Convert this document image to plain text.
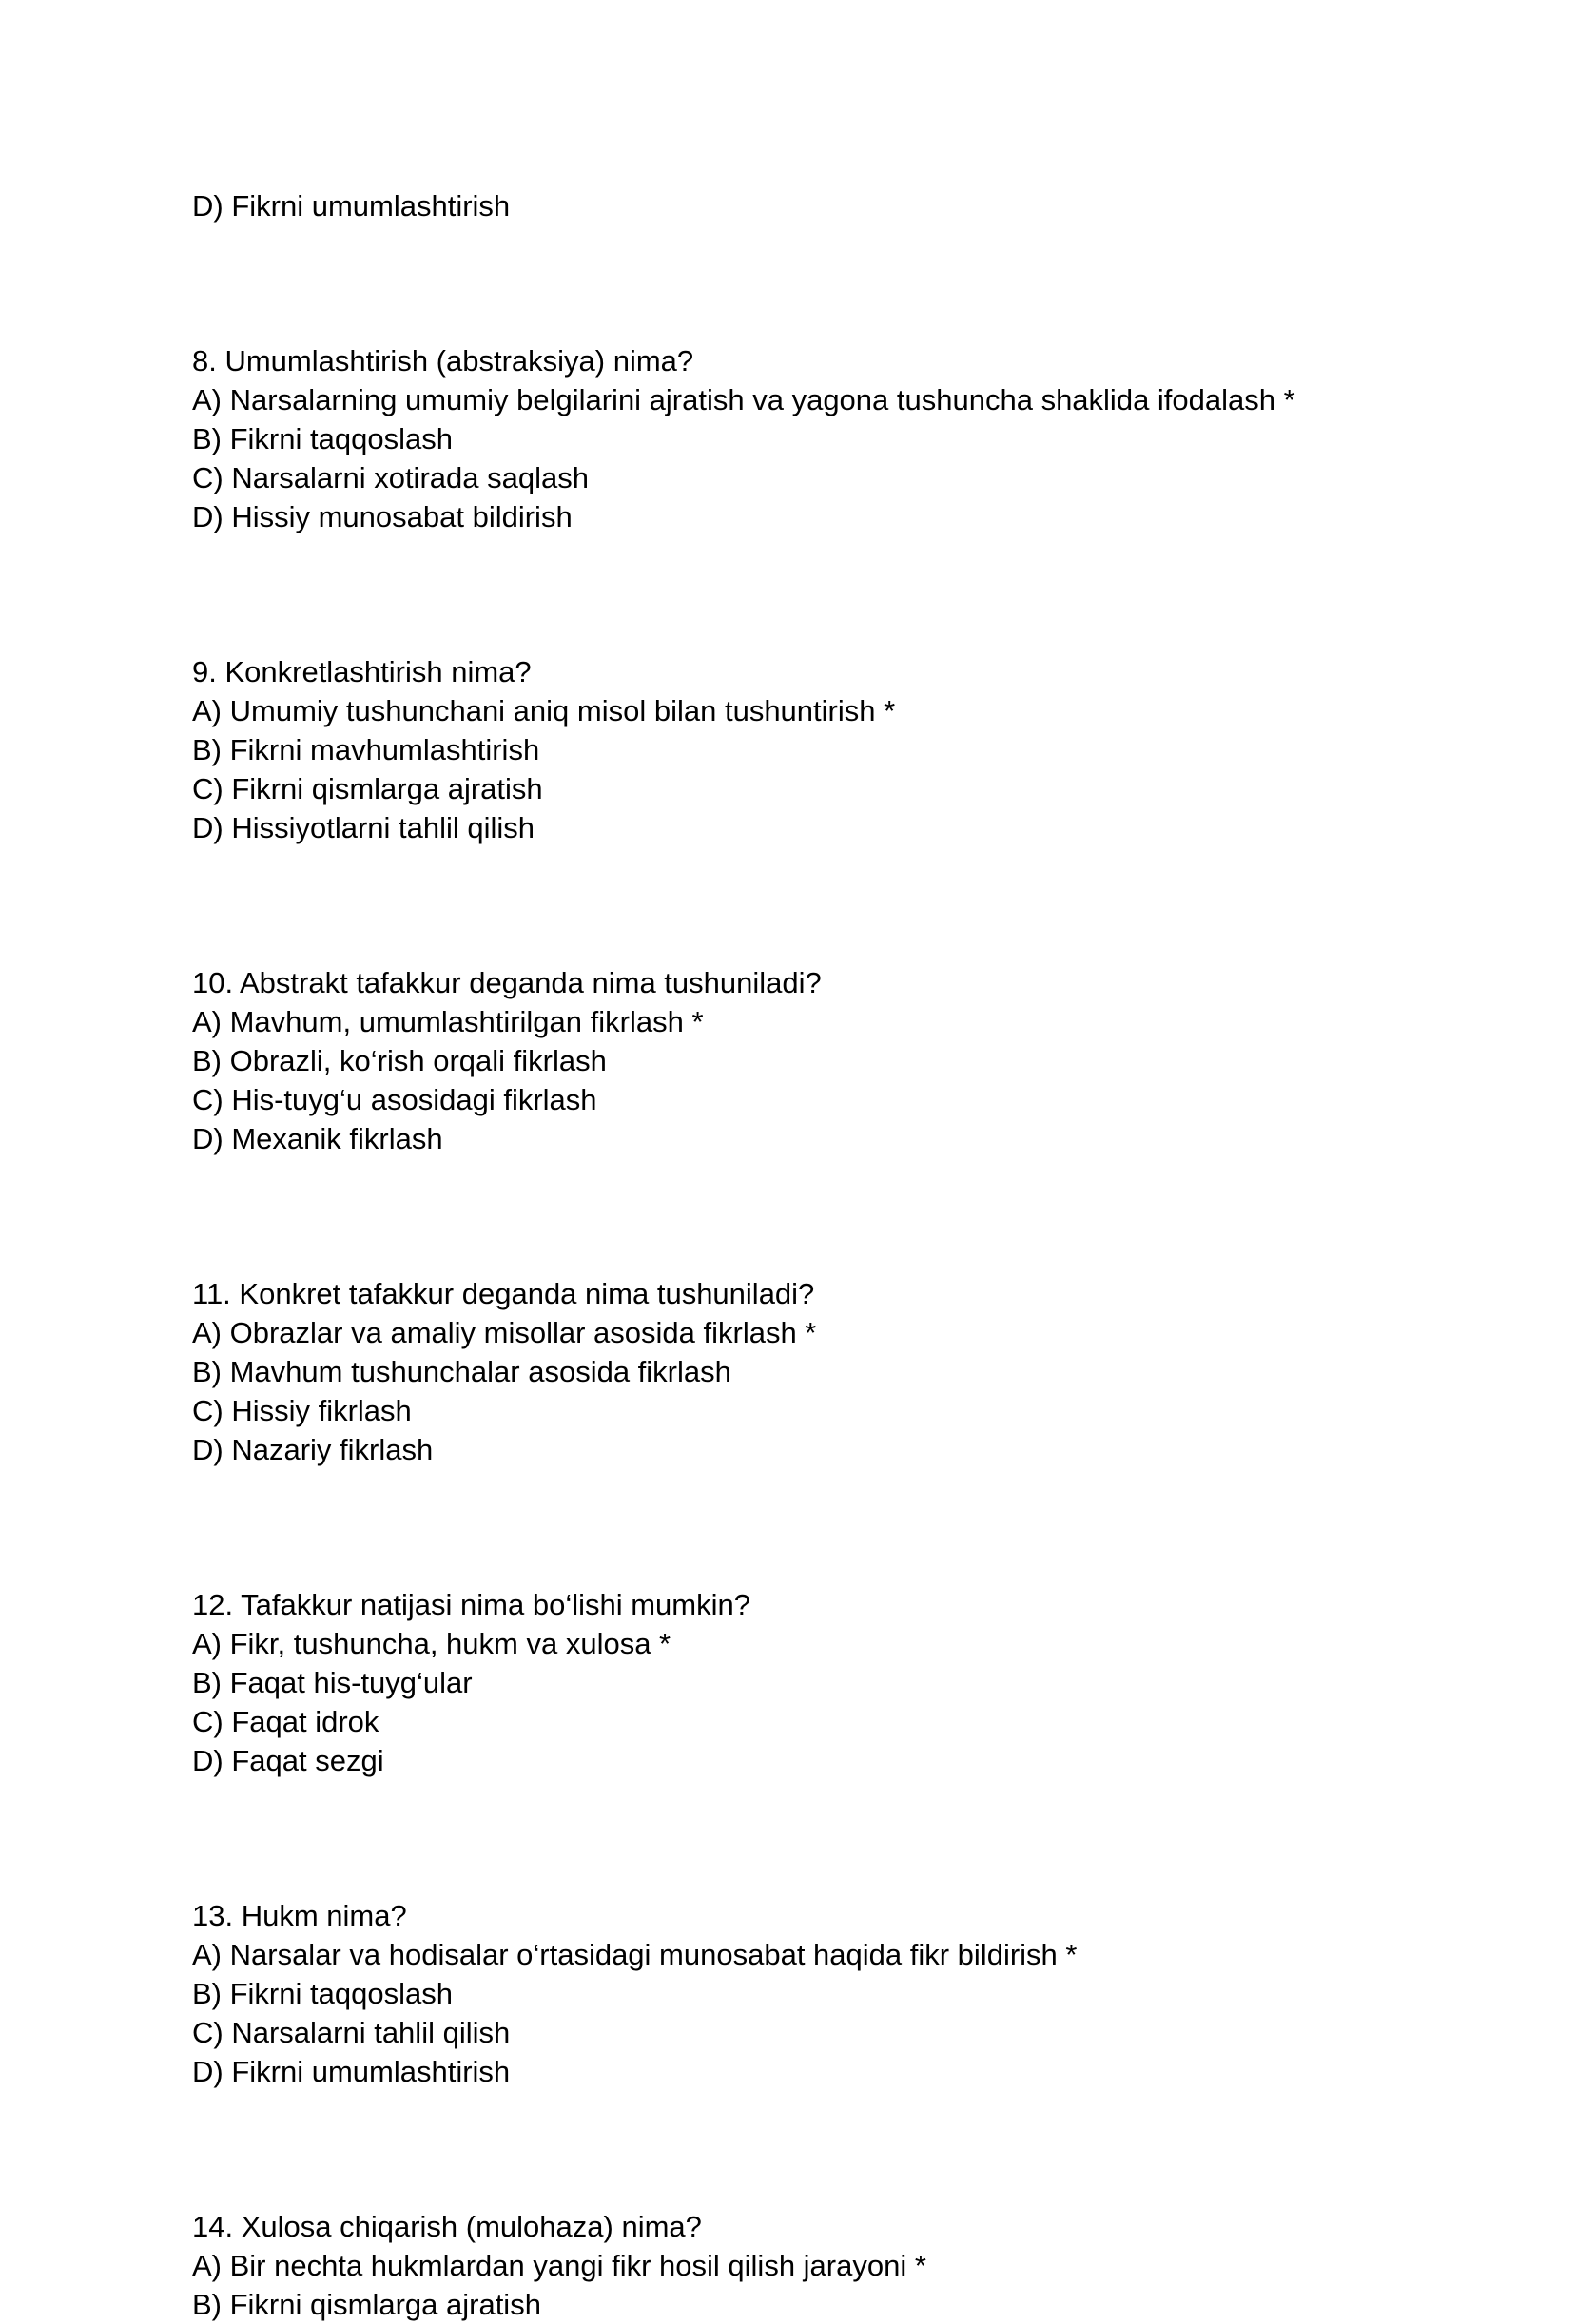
D) Fikrni umumlashtirish
8. Umumlashtirish (abstraksiya) nima?
A) Narsalarning umumiy belgilarini ajratish va yagona tushuncha shaklida ifodalash *
B) Fikrni taqqoslash
C) Narsalarni xotirada saqlash
D) Hissiy munosabat bildirish
9. Konkretlashtirish nima?
A) Umumiy tushunchani aniq misol bilan tushuntirish *
B) Fikrni mavhumlashtirish
C) Fikrni qismlarga ajratish
D) Hissiyotlarni tahlil qilish
10. Abstrakt tafakkur deganda nima tushuniladi?
A) Mavhum, umumlashtirilgan fikrlash *
B) Obrazli, ko‘rish orqali fikrlash
C) His-tuyg‘u asosidagi fikrlash
D) Mexanik fikrlash
11. Konkret tafakkur deganda nima tushuniladi?
A) Obrazlar va amaliy misollar asosida fikrlash *
B) Mavhum tushunchalar asosida fikrlash
C) Hissiy fikrlash
D) Nazariy fikrlash
12. Tafakkur natijasi nima bo‘lishi mumkin?
A) Fikr, tushuncha, hukm va xulosa *
B) Faqat his-tuyg‘ular
C) Faqat idrok
D) Faqat sezgi
13. Hukm nima?
A) Narsalar va hodisalar o‘rtasidagi munosabat haqida fikr bildirish *
B) Fikrni taqqoslash
C) Narsalarni tahlil qilish
D) Fikrni umumlashtirish
14. Xulosa chiqarish (mulohaza) nima?
A) Bir nechta hukmlardan yangi fikr hosil qilish jarayoni *
B) Fikrni qismlarga ajratish
